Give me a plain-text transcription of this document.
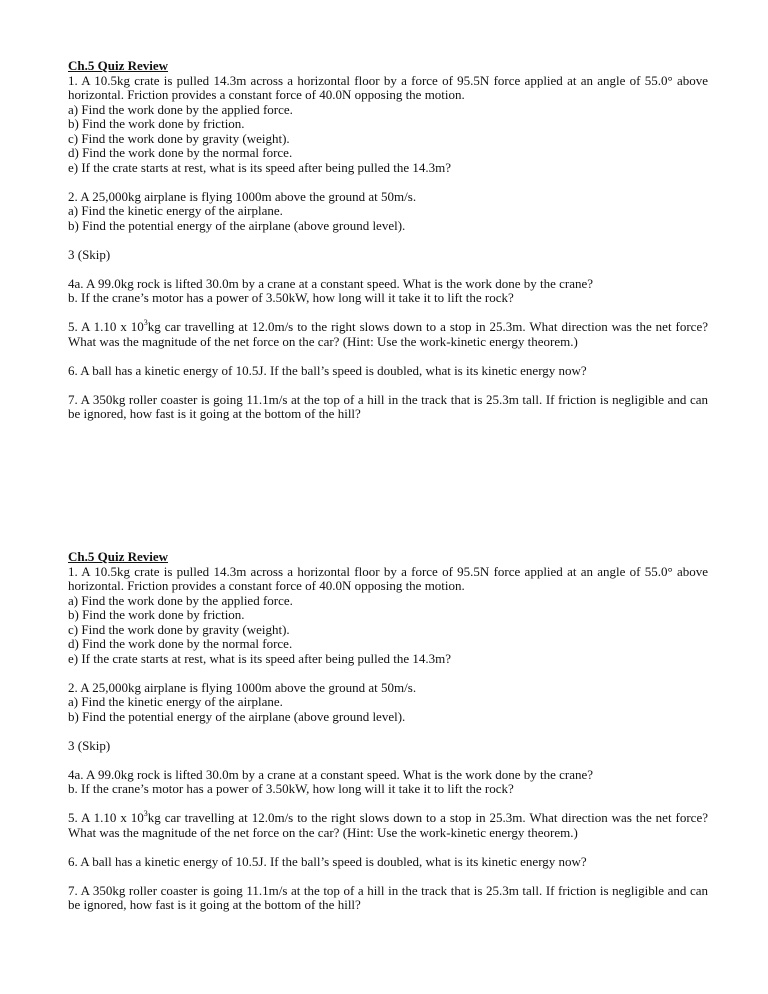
Ch.5 Quiz Review
1. A 10.5kg crate is pulled 14.3m across a horizontal floor by a force of 95.5N force applied at an angle of 55.0° above horizontal. Friction provides a constant force of 40.0N opposing the motion.
a) Find the work done by the applied force.
b) Find the work done by friction.
c) Find the work done by gravity (weight).
d) Find the work done by the normal force.
e) If the crate starts at rest, what is its speed after being pulled the 14.3m?
2. A 25,000kg airplane is flying 1000m above the ground at 50m/s.
a) Find the kinetic energy of the airplane.
b) Find the potential energy of the airplane (above ground level).
3 (Skip)
4a. A 99.0kg rock is lifted 30.0m by a crane at a constant speed. What is the work done by the crane?
b. If the crane’s motor has a power of 3.50kW, how long will it take it to lift the rock?
5. A 1.10 x $10^3kg$ car travelling at 12.0m/s to the right slows down to a stop in 25.3m. What direction was the net force? What was the magnitude of the net force on the car? (Hint: Use the work-kinetic energy theorem.)
6. A ball has a kinetic energy of 10.5J. If the ball’s speed is doubled, what is its kinetic energy now?
7. A 350kg roller coaster is going 11.1m/s at the top of a hill in the track that is 25.3m tall. If friction is negligible and can be ignored, how fast is it going at the bottom of the hill?
Ch.5 Quiz Review
1. A 10.5kg crate is pulled 14.3m across a horizontal floor by a force of 95.5N force applied at an angle of 55.0° above horizontal. Friction provides a constant force of 40.0N opposing the motion.
a) Find the work done by the applied force.
b) Find the work done by friction.
c) Find the work done by gravity (weight).
d) Find the work done by the normal force.
e) If the crate starts at rest, what is its speed after being pulled the 14.3m?
2. A 25,000kg airplane is flying 1000m above the ground at 50m/s.
a) Find the kinetic energy of the airplane.
b) Find the potential energy of the airplane (above ground level).
3 (Skip)
4a. A 99.0kg rock is lifted 30.0m by a crane at a constant speed. What is the work done by the crane?
b. If the crane’s motor has a power of 3.50kW, how long will it take it to lift the rock?
5. A 1.10 x $10^3kg$ car travelling at 12.0m/s to the right slows down to a stop in 25.3m. What direction was the net force? What was the magnitude of the net force on the car? (Hint: Use the work-kinetic energy theorem.)
6. A ball has a kinetic energy of 10.5J. If the ball’s speed is doubled, what is its kinetic energy now?
7. A 350kg roller coaster is going 11.1m/s at the top of a hill in the track that is 25.3m tall. If friction is negligible and can be ignored, how fast is it going at the bottom of the hill?
